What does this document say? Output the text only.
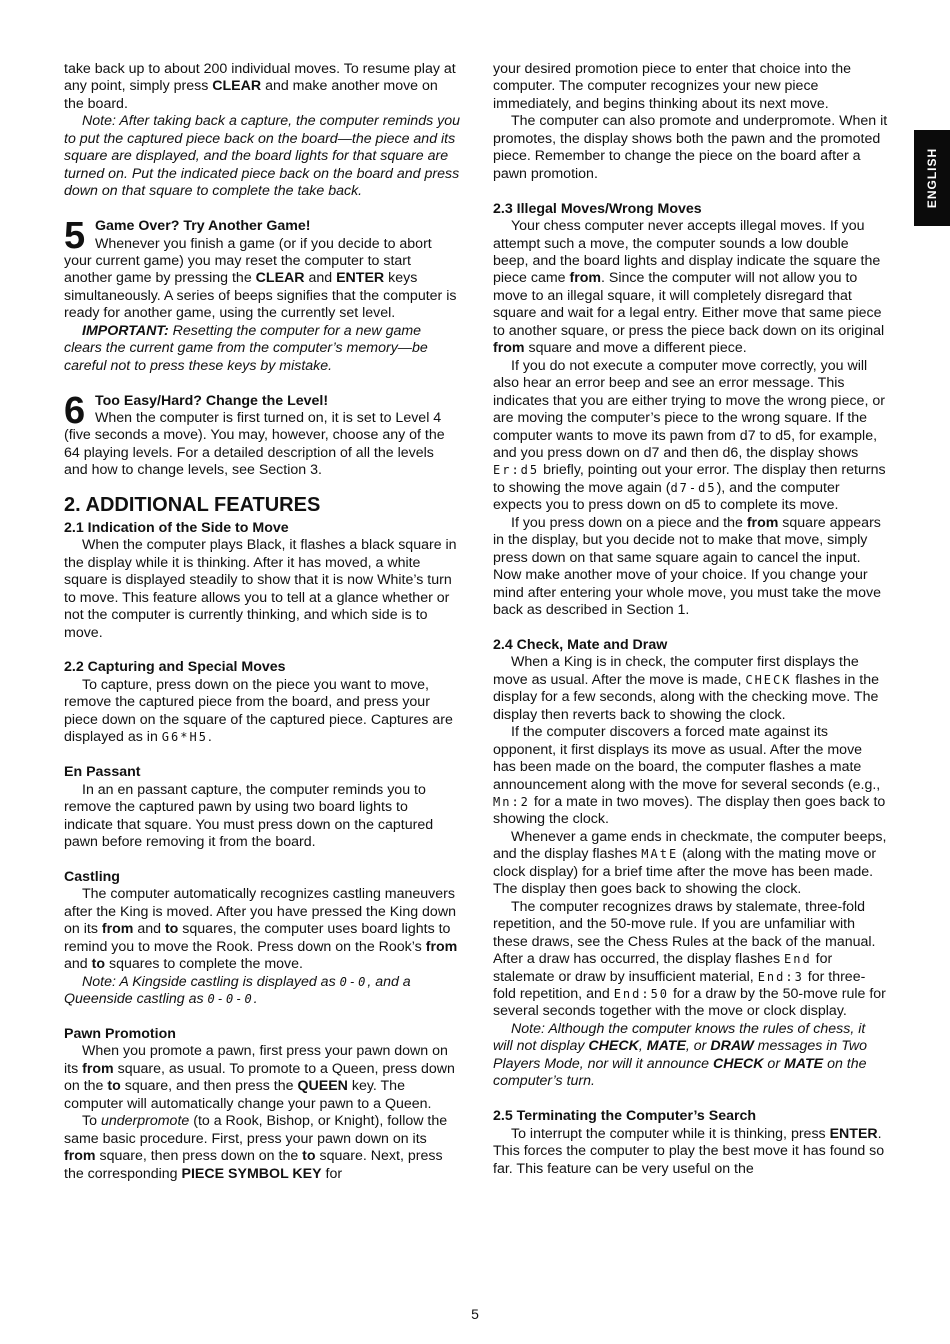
ENGLISH

take back up to about 200 individual moves. To resume play at any point, simply press CLEAR and make another move on the board.

Note: After taking back a capture, the computer reminds you to put the captured piece back on the board—the piece and its square are displayed, and the board lights for that square are turned on. Put the indicated piece back on the board and press down on that square to complete the take back.

5 Game Over? Try Another Game!

Whenever you finish a game (or if you decide to abort your current game) you may reset the computer to start another game by pressing the CLEAR and ENTER keys simultaneously. A series of beeps signifies that the computer is ready for another game, using the currently set level.

IMPORTANT: Resetting the computer for a new game clears the current game from the computer’s memory—be careful not to press these keys by mistake.

6 Too Easy/Hard? Change the Level!

When the computer is first turned on, it is set to Level 4 (five seconds a move). You may, however, choose any of the 64 playing levels. For a detailed description of all the levels and how to change levels, see Section 3.

2. ADDITIONAL FEATURES
2.1 Indication of the Side to Move

When the computer plays Black, it flashes a black square in the display while it is thinking. After it has moved, a white square is displayed steadily to show that it is now White’s turn to move. This feature allows you to tell at a glance whether or not the computer is currently thinking, and which side is to move.

2.2 Capturing and Special Moves

To capture, press down on the piece you want to move, remove the captured piece from the board, and press your piece down on the square of the captured piece. Captures are displayed as in G6*H5.

En Passant

In an en passant capture, the computer reminds you to remove the captured pawn by using two board lights to indicate that square. You must press down on the captured pawn before removing it from the board.

Castling

The computer automatically recognizes castling maneuvers after the King is moved. After you have pressed the King down on its from and to squares, the computer uses board lights to remind you to move the Rook. Press down on the Rook’s from and to squares to complete the move.

Note: A Kingside castling is displayed as 0-0, and a Queenside castling as 0-0-0.

Pawn Promotion

When you promote a pawn, first press your pawn down on its from square, as usual. To promote to a Queen, press down on the to square, and then press the QUEEN key. The computer will automatically change your pawn to a Queen.

To underpromote (to a Rook, Bishop, or Knight), follow the same basic procedure. First, press your pawn down on its from square, then press down on the to square. Next, press the corresponding PIECE SYMBOL KEY for

your desired promotion piece to enter that choice into the computer. The computer recognizes your new piece immediately, and begins thinking about its next move.

The computer can also promote and underpromote. When it promotes, the display shows both the pawn and the promoted piece. Remember to change the piece on the board after a pawn promotion.

2.3 Illegal Moves/Wrong Moves

Your chess computer never accepts illegal moves. If you attempt such a move, the computer sounds a low double beep, and the board lights and display indicate the square the piece came from. Since the computer will not allow you to move to an illegal square, it will completely disregard that square and wait for a legal entry. Either move that same piece to another square, or press the piece back down on its original from square and move a different piece.

If you do not execute a computer move correctly, you will also hear an error beep and see an error message. This indicates that you are either trying to move the wrong piece, or are moving the computer’s piece to the wrong square. If the computer wants to move its pawn from d7 to d5, for example, and you press down on d7 and then d6, the display shows Er:d5 briefly, pointing out your error. The display then returns to showing the move again (d7-d5), and the computer expects you to press down on d5 to complete its move.

If you press down on a piece and the from square appears in the display, but you decide not to make that move, simply press down on that same square again to cancel the input. Now make another move of your choice. If you change your mind after entering your whole move, you must take the move back as described in Section 1.

2.4 Check, Mate and Draw

When a King is in check, the computer first displays the move as usual. After the move is made, CHECK flashes in the display for a few seconds, along with the checking move. The display then reverts back to showing the clock.

If the computer discovers a forced mate against its opponent, it first displays its move as usual. After the move has been made on the board, the computer flashes a mate announcement along with the move for several seconds (e.g., Mn:2 for a mate in two moves). The display then goes back to showing the clock.

Whenever a game ends in checkmate, the computer beeps, and the display flashes MAtE (along with the mating move or clock display) for a brief time after the move has been made. The display then goes back to showing the clock.

The computer recognizes draws by stalemate, three-fold repetition, and the 50-move rule. If you are unfamiliar with these draws, see the Chess Rules at the back of the manual. After a draw has occurred, the display flashes End for stalemate or draw by insufficient material, End:3 for three-fold repetition, and End:50 for a draw by the 50-move rule for several seconds together with the move or clock display.

Note: Although the computer knows the rules of chess, it will not display CHECK, MATE, or DRAW messages in Two Players Mode, nor will it announce CHECK or MATE on the computer’s turn.

2.5 Terminating the Computer’s Search

To interrupt the computer while it is thinking, press ENTER. This forces the computer to play the best move it has found so far. This feature can be very useful on the

5
